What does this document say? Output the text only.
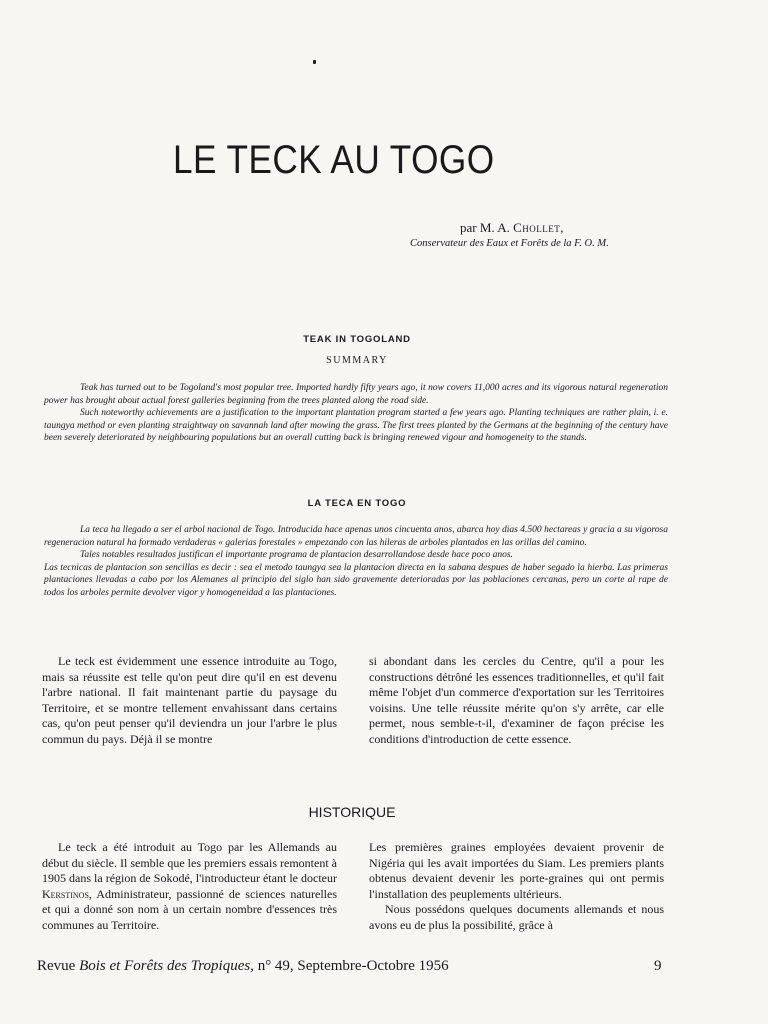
LE TECK AU TOGO
par M. A. Chollet,
Conservateur des Eaux et Forêts de la F. O. M.
TEAK IN TOGOLAND
SUMMARY

Teak has turned out to be Togoland's most popular tree. Imported hardly fifty years ago, it now covers 11,000 acres and its vigorous natural regeneration power has brought about actual forest galleries beginning from the trees planted along the road side.

Such noteworthy achievements are a justification to the important plantation program started a few years ago. Planting techniques are rather plain, i. e. taungya method or even planting straightway on savannah land after mowing the grass. The first trees planted by the Germans at the beginning of the century have been severely deteriorated by neighbouring populations but an overall cutting back is bringing renewed vigour and homogeneity to the stands.

LA TECA EN TOGO

La teca ha llegado a ser el arbol nacional de Togo. Introducida hace apenas unos cincuenta anos, abarca hoy dias 4.500 hectareas y gracia a su vigorosa regeneracion natural ha formado verdaderas « galerias forestales » empezando con las hileras de arboles plantados en las orillas del camino.

Tales notables resultados justifican el importante programa de plantacion desarrollandose desde hace poco anos.

Las tecnicas de plantacion son sencillas es decir : sea el metodo taungya sea la plantacion directa en la sabana despues de haber segado la hierba. Las primeras plantaciones llevadas a cabo por los Alemanes al principio del siglo han sido gravemente deterioradas por las poblaciones cercanas, pero un corte al rape de todos los arboles permite devolver vigor y homogeneidad a las plantaciones.

Le teck est évidemment une essence introduite au Togo, mais sa réussite est telle qu'on peut dire qu'il en est devenu l'arbre national. Il fait maintenant partie du paysage du Territoire, et se montre tellement envahissant dans certains cas, qu'on peut penser qu'il deviendra un jour l'arbre le plus commun du pays. Déjà il se montre

si abondant dans les cercles du Centre, qu'il a pour les constructions détrôné les essences traditionnelles, et qu'il fait même l'objet d'un commerce d'exportation sur les Territoires voisins. Une telle réussite mérite qu'on s'y arrête, car elle permet, nous semble-t-il, d'examiner de façon précise les conditions d'introduction de cette essence.

HISTORIQUE

Le teck a été introduit au Togo par les Allemands au début du siècle. Il semble que les premiers essais remontent à 1905 dans la région de Sokodé, l'introducteur étant le docteur Kerstinos, Administrateur, passionné de sciences naturelles et qui a donné son nom à un certain nombre d'essences très communes au Territoire.

Les premières graines employées devaient provenir de Nigéria qui les avait importées du Siam. Les premiers plants obtenus devaient devenir les porte-graines qui ont permis l'installation des peuplements ultérieurs.

Nous possédons quelques documents allemands et nous avons eu de plus la possibilité, grâce à

Revue Bois et Forêts des Tropiques, n° 49, Septembre-Octobre 1956	9
